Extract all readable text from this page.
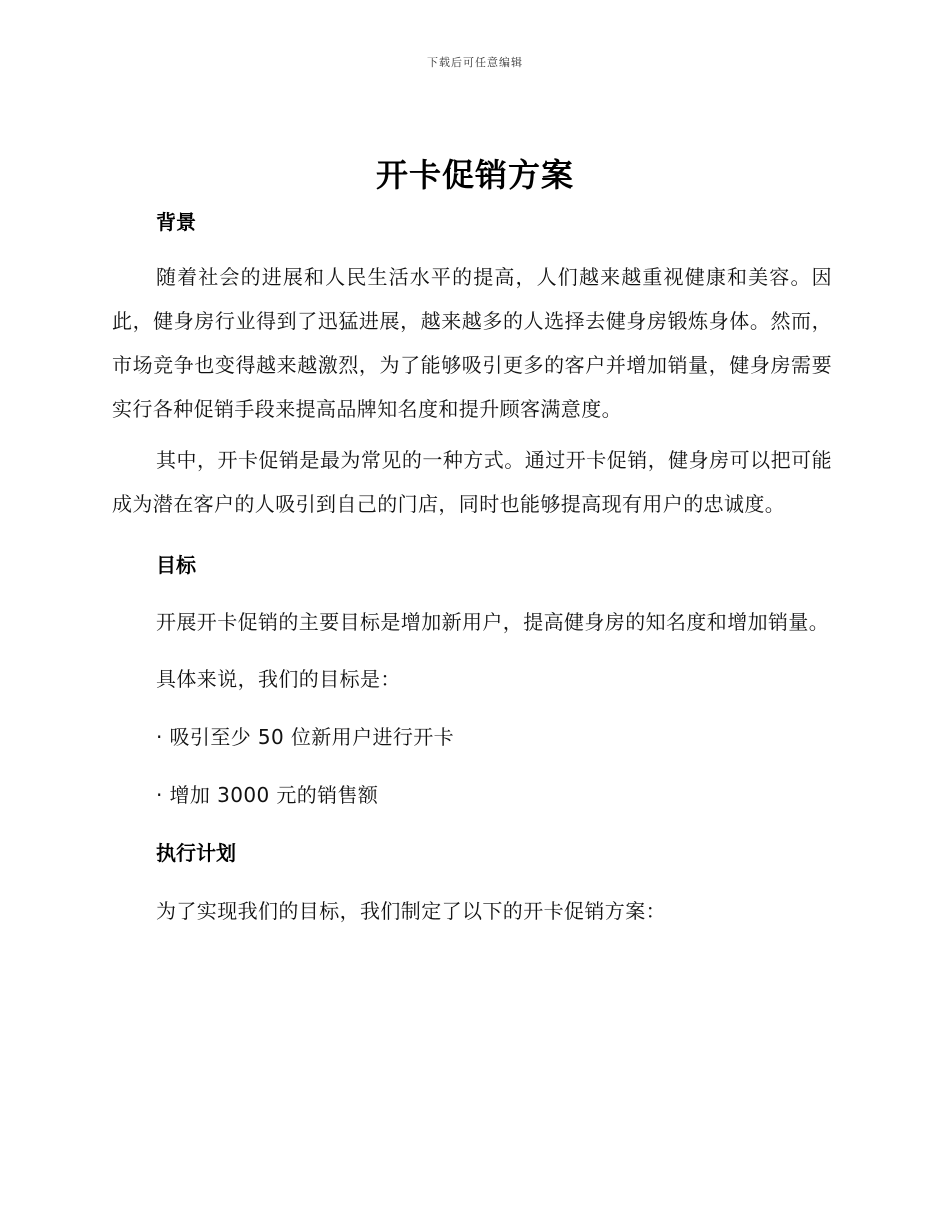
下载后可任意编辑
开卡促销方案
背景

随着社会的进展和人民生活水平的提高，人们越来越重视健康和美容。因此，健身房行业得到了迅猛进展，越来越多的人选择去健身房锻炼身体。然而，市场竞争也变得越来越激烈，为了能够吸引更多的客户并增加销量，健身房需要实行各种促销手段来提高品牌知名度和提升顾客满意度。

其中，开卡促销是最为常见的一种方式。通过开卡促销，健身房可以把可能成为潜在客户的人吸引到自己的门店，同时也能够提高现有用户的忠诚度。

目标

开展开卡促销的主要目标是增加新用户，提高健身房的知名度和增加销量。

具体来说，我们的目标是：

· 吸引至少 50 位新用户进行开卡

· 增加 3000 元的销售额

执行计划

为了实现我们的目标，我们制定了以下的开卡促销方案：
